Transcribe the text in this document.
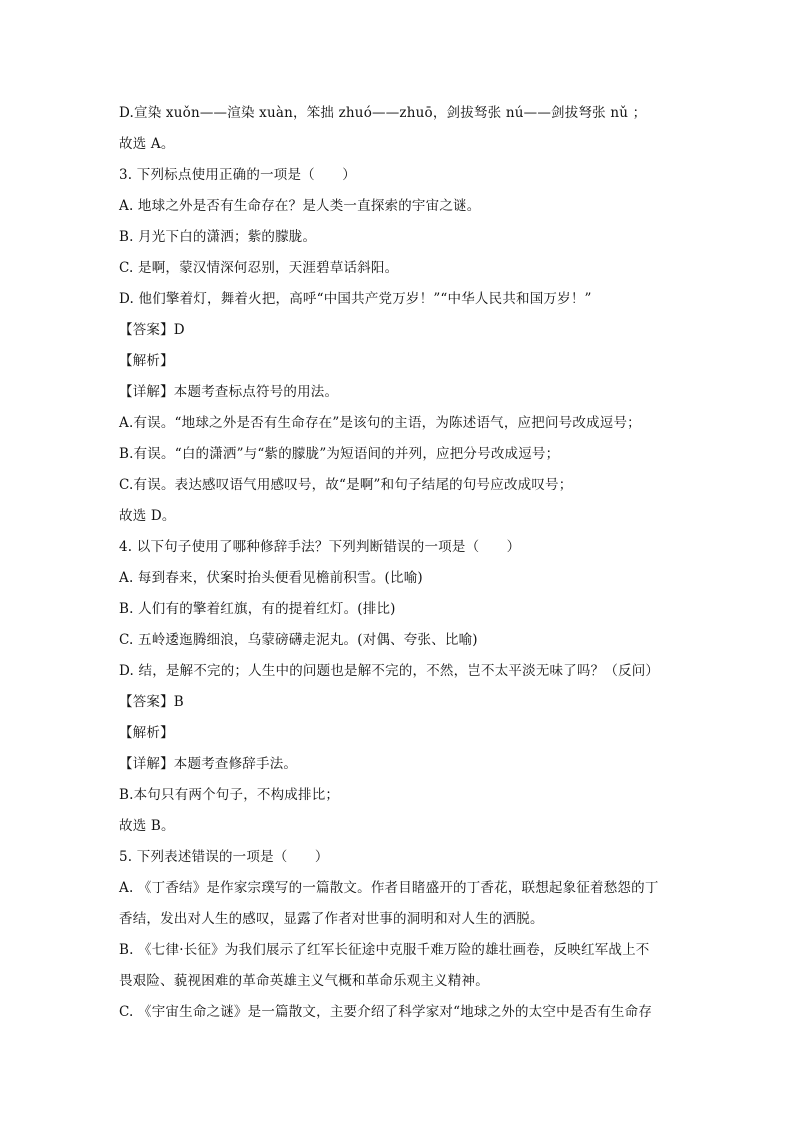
D.宣染 xuǒn——渲染 xuàn，笨拙 zhuó——zhuō，剑拔驽张 nú——剑拔弩张 nǔ ；
故选 A。
3. 下列标点使用正确的一项是（　　）
A. 地球之外是否有生命存在？是人类一直探索的宇宙之谜。
B. 月光下白的潇洒；紫的朦胧。
C. 是啊，蒙汉情深何忍别，天涯碧草话斜阳。
D. 他们擎着灯，舞着火把，高呼“中国共产党万岁！”“中华人民共和国万岁！”
【答案】D
【解析】
【详解】本题考查标点符号的用法。
A.有误。“地球之外是否有生命存在”是该句的主语，为陈述语气，应把问号改成逗号；
B.有误。“白的潇洒”与“紫的朦胧”为短语间的并列，应把分号改成逗号；
C.有误。表达感叹语气用感叹号，故“是啊”和句子结尾的句号应改成叹号；
故选 D。
4. 以下句子使用了哪种修辞手法？下列判断错误的一项是（　　）
A. 每到春来，伏案时抬头便看见檐前积雪。(比喻)
B. 人们有的擎着红旗，有的提着红灯。(排比)
C. 五岭逶迤腾细浪，乌蒙磅礴走泥丸。(对偶、夸张、比喻)
D. 结，是解不完的；人生中的问题也是解不完的，不然，岂不太平淡无味了吗？（反问）
【答案】B
【解析】
【详解】本题考查修辞手法。
B.本句只有两个句子，不构成排比；
故选 B。
5. 下列表述错误的一项是（　　）
A. 《丁香结》是作家宗璞写的一篇散文。作者目睹盛开的丁香花，联想起象征着愁怨的丁
香结，发出对人生的感叹，显露了作者对世事的洞明和对人生的洒脱。
B. 《七律·长征》为我们展示了红军长征途中克服千难万险的雄壮画卷，反映红军战上不
畏艰险、藐视困难的革命英雄主义气概和革命乐观主义精神。
C. 《宇宙生命之谜》是一篇散文，主要介绍了科学家对“地球之外的太空中是否有生命存
